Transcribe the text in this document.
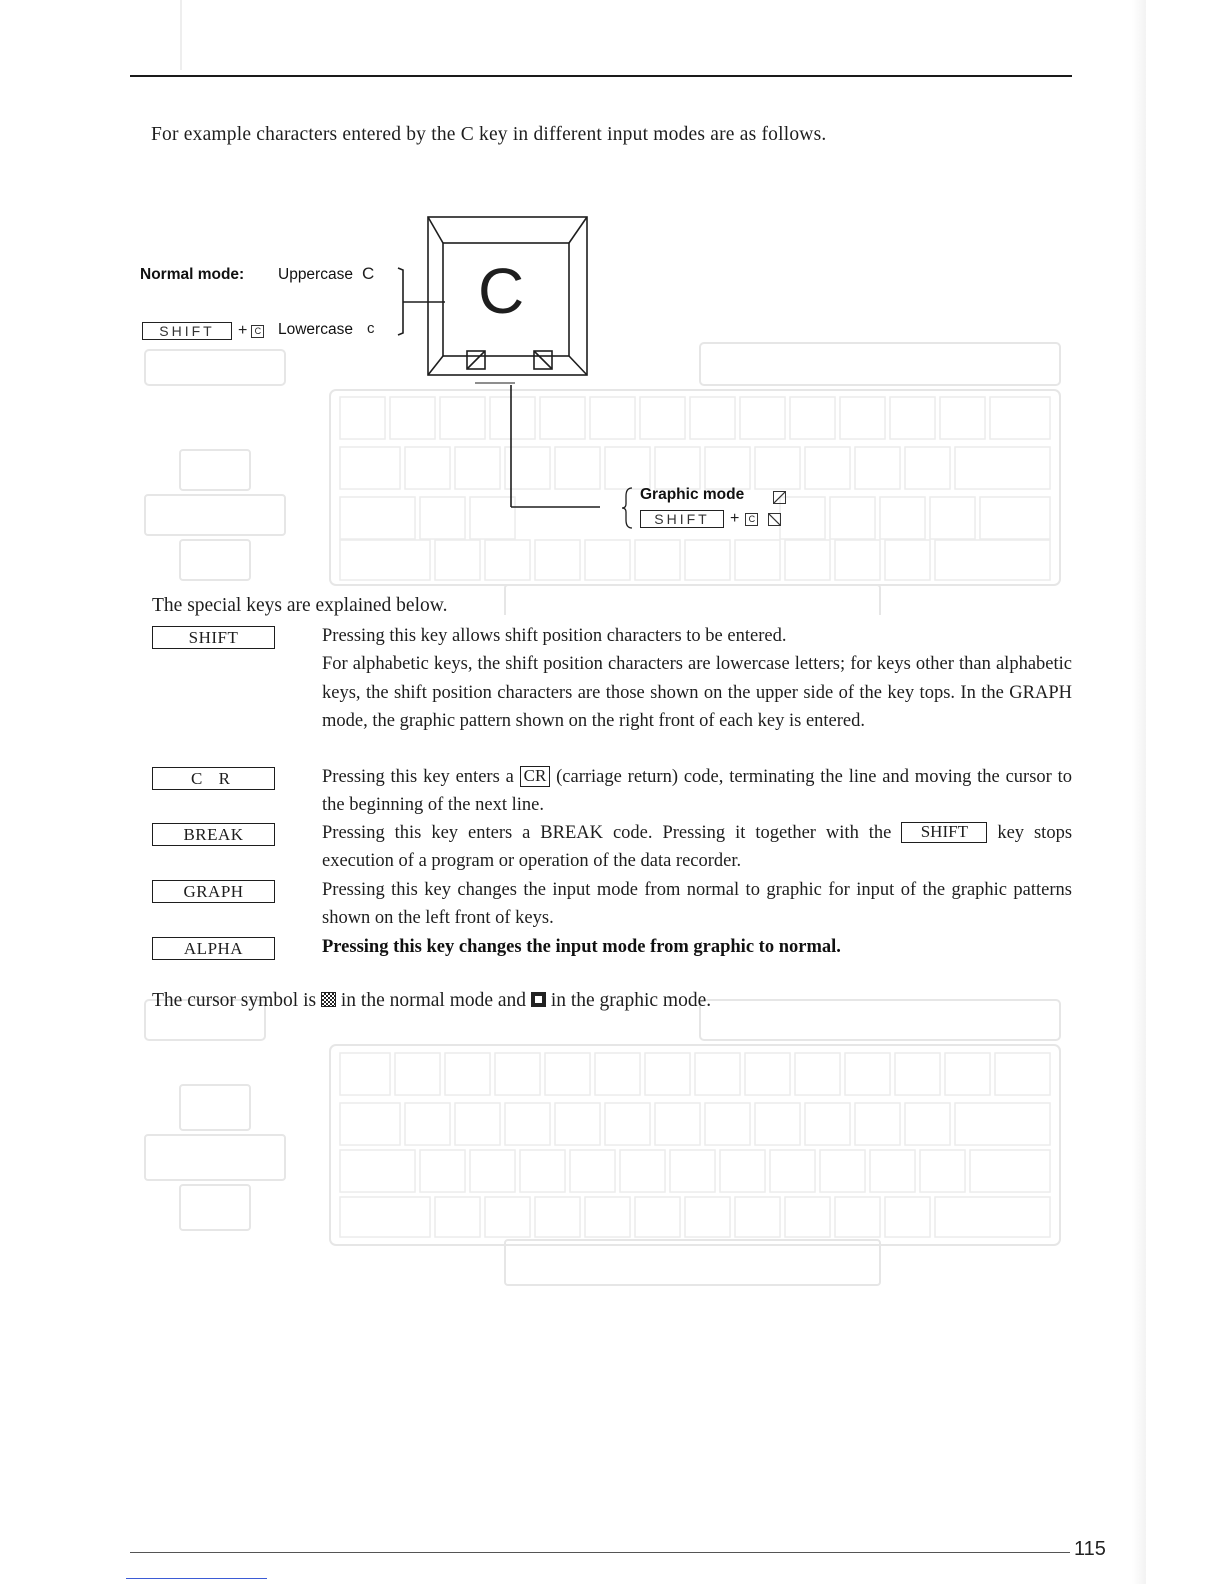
For example characters entered by the C key in different input modes are as follows.
Normal mode: Uppercase C
SHIFT + C Lowercase c
C
Graphic mode
SHIFT + C
The special keys are explained below.
SHIFT	Pressing this key allows shift position characters to be entered.
For alphabetic keys, the shift position characters are lowercase letters; for keys other than alphabetic keys, the shift position characters are those shown on the upper side of the key tops. In the GRAPH mode, the graphic pattern shown on the right front of each key is entered.
C R	Pressing this key enters a CR (carriage return) code, terminating the line and moving the cursor to the beginning of the next line.
BREAK	Pressing this key enters a BREAK code. Pressing it together with the SHIFT key stops execution of a program or operation of the data recorder.
GRAPH	Pressing this key changes the input mode from normal to graphic for input of the graphic patterns shown on the left front of keys.
ALPHA	Pressing this key changes the input mode from graphic to normal.
The cursor symbol is in the normal mode and in the graphic mode.
115
